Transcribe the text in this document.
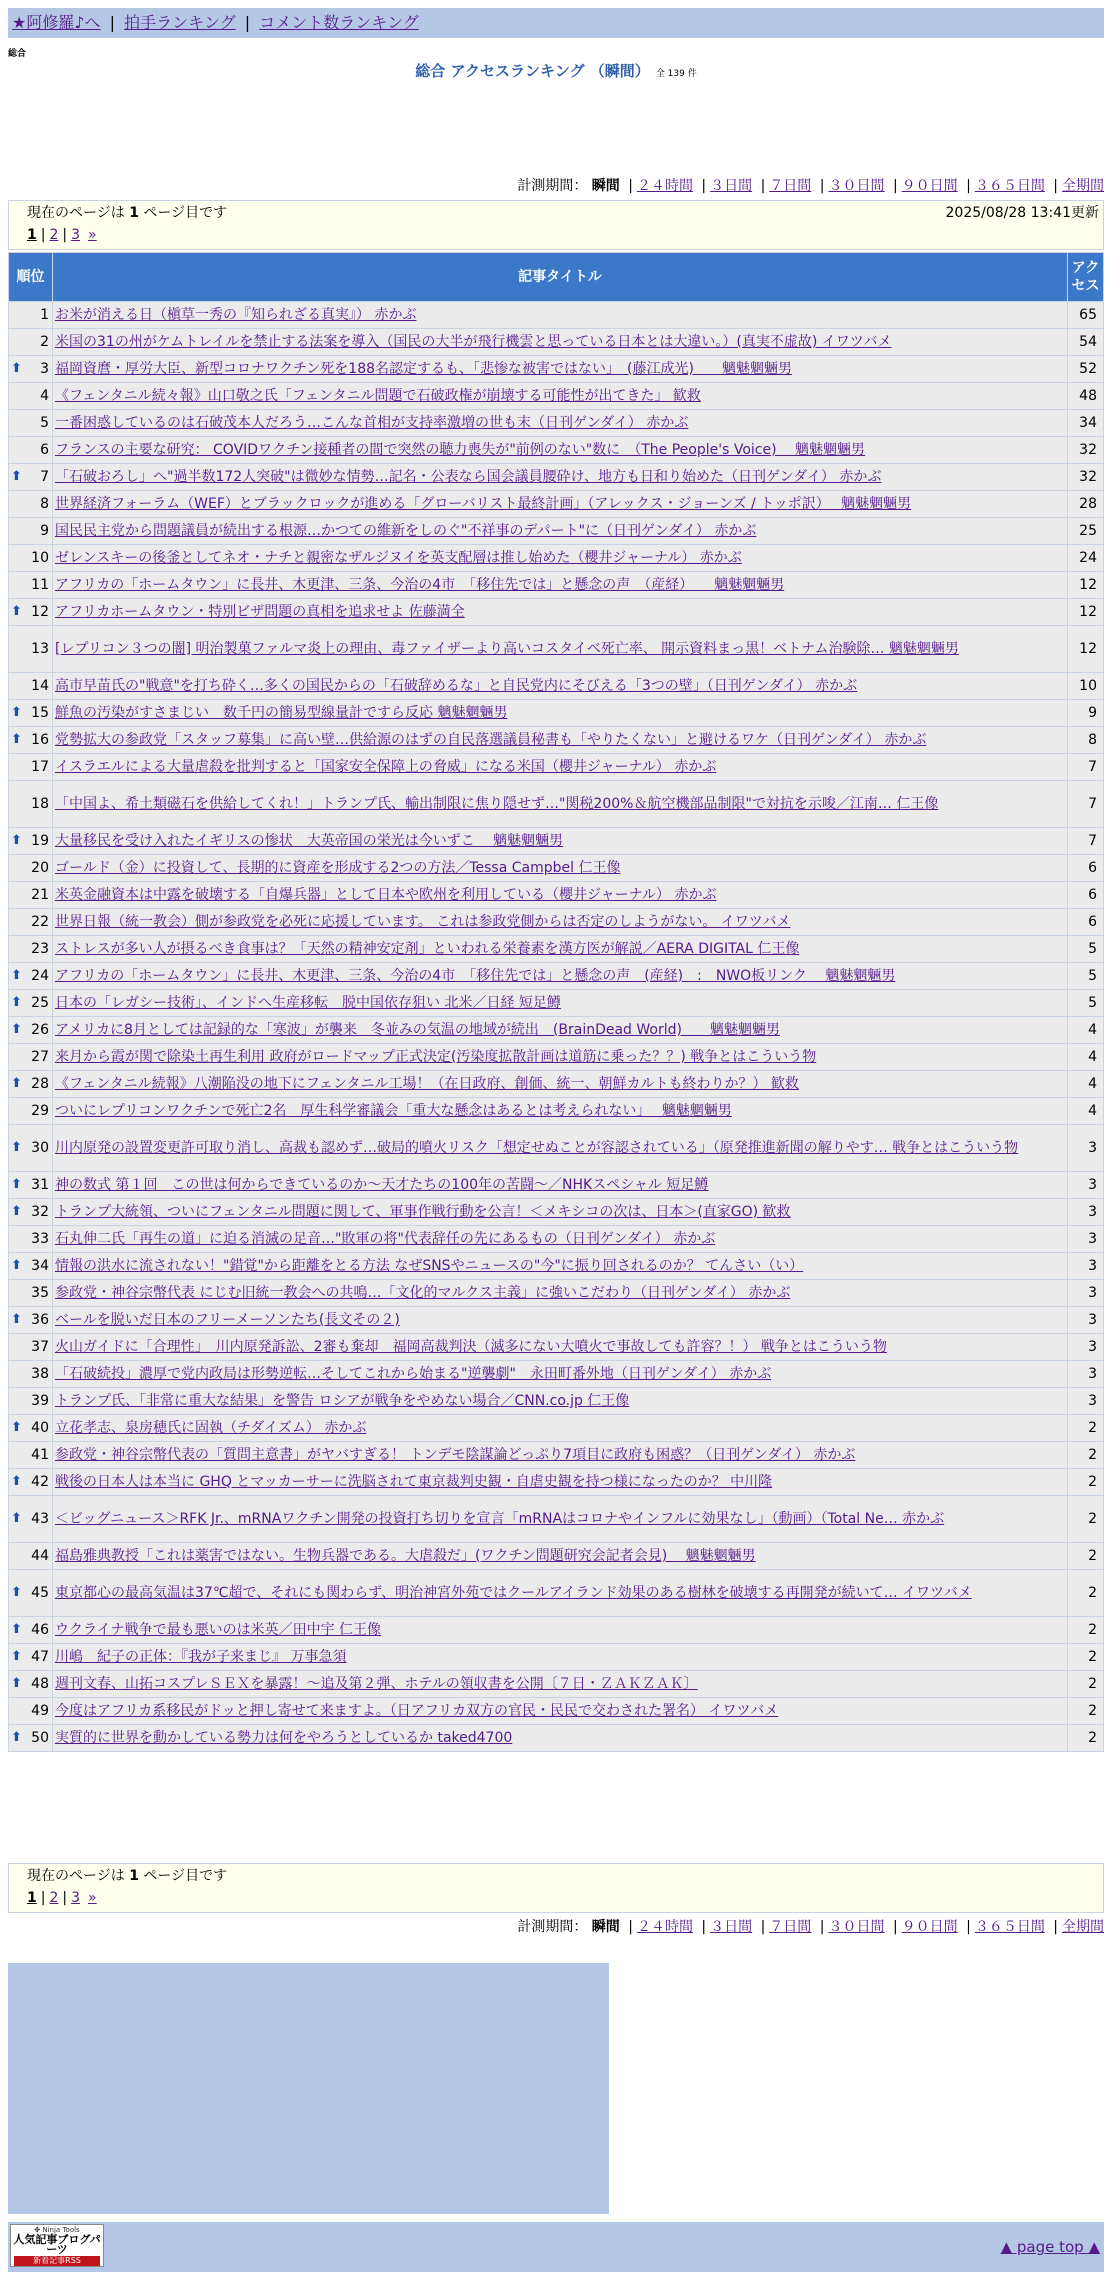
★阿修羅♪へ | 拍手ランキング | コメント数ランキング
総合
総合 アクセスランキング （瞬間） 全 139 件
計測期間： 瞬間 | ２４時間 | ３日間 | ７日間 | ３０日間 | ９０日間 | ３６５日間 | 全期間
現在のページは 1 ページ目です	2025/08/28 13:41更新
1 | 2 | 3 »
順位	記事タイトル	アクセス
1	お米が消える日（槇草一秀の『知られざる真実』） 赤かぶ	65
2	米国の31の州がケムトレイルを禁止する法案を導入（国民の大半が飛行機雲と思っている日本とは大違い。）(真実不虚故) イワツバメ	54

⬆ 3	福岡資麿・厚労大臣、新型コロナワクチン死を188名認定するも、「悲惨な被害ではない」　(藤江成光)　　魑魅魍魎男	52
4	《フェンタニル続々報》山口敬之氏「フェンタニル問題で石破政権が崩壊する可能性が出てきた」 歓救	48
5	一番困惑しているのは石破茂本人だろう…こんな首相が支持率激増の世も末（日刊ゲンダイ） 赤かぶ	34
6	フランスの主要な研究： COVIDワクチン接種者の間で突然の聴力喪失が"前例のない"数に　（The People's Voice)　 魑魅魍魎男	32

⬆ 7	「石破おろし」へ"過半数172人突破"は微妙な情勢…記名・公表なら国会議員腰砕け、地方も日和り始めた（日刊ゲンダイ） 赤かぶ	32
8	世界経済フォーラム（WEF）とブラックロックが進める「グローバリスト最終計画」（アレックス・ジョーンズ / トッポ訳）　 魑魅魍魎男	28
9	国民民主党から問題議員が続出する根源…かつての維新をしのぐ"不祥事のデパート"に（日刊ゲンダイ） 赤かぶ	25
10	ゼレンスキーの後釜としてネオ・ナチと親密なザルジヌイを英支配層は推し始めた（櫻井ジャーナル） 赤かぶ	24
11	アフリカの「ホームタウン」に長井、木更津、三条、今治の4市　「移住先では」と懸念の声　（産経）　　魑魅魍魎男	12

⬆ 12	アフリカホームタウン・特別ビザ問題の真相を追求せよ 佐藤満全	12
13	[レプリコン３つの闇] 明治製菓ファルマ炎上の理由、毒ファイザーより高いコスタイベ死亡率、 開示資料まっ黒！ベトナム治験除… 魑魅魍魎男	12
14	高市早苗氏の"戦意"を打ち砕く…多くの国民からの「石破辞めるな」と自民党内にそびえる「3つの壁」（日刊ゲンダイ） 赤かぶ	10

⬆ 15	鮮魚の汚染がすさまじい　数千円の簡易型線量計ですら反応 魑魅魍魎男	9

⬆ 16	党勢拡大の参政党「スタッフ募集」に高い壁…供給源のはずの自民落選議員秘書も「やりたくない」と避けるワケ（日刊ゲンダイ） 赤かぶ	8
17	イスラエルによる大量虐殺を批判すると「国家安全保障上の脅威」になる米国（櫻井ジャーナル） 赤かぶ	7
18	「中国よ、希土類磁石を供給してくれ！」トランプ氏、輸出制限に焦り隠せず…"関税200%＆航空機部品制限"で対抗を示唆／江南… 仁王像	7

⬆ 19	大量移民を受け入れたイギリスの惨状　大英帝国の栄光は今いずこ　 魑魅魍魎男	7
20	ゴールド（金）に投資して、長期的に資産を形成する2つの方法／Tessa Campbel 仁王像	6
21	米英金融資本は中露を破壊する「自爆兵器」として日本や欧州を利用している（櫻井ジャーナル） 赤かぶ	6
22	世界日報（統一教会）側が参政党を必死に応援しています。 これは参政党側からは否定のしようがない。 イワツバメ	6
23	ストレスが多い人が摂るべき食事は？「天然の精神安定剤」といわれる栄養素を漢方医が解説／AERA DIGITAL 仁王像	5

⬆ 24	アフリカの「ホームタウン」に長井、木更津、三条、今治の4市　「移住先では」と懸念の声　(産経)　:　NWO板リンク　 魑魅魍魎男	5

⬆ 25	日本の「レガシー技術」、インドへ生産移転　脱中国依存狙い 北米／日経 短足鱒	5

⬆ 26	アメリカに8月としては記録的な「寒波」が襲来　冬並みの気温の地域が続出　(BrainDead World)　　魑魅魍魎男	4
27	来月から霞が関で除染土再生利用 政府がロードマップ正式決定(汚染度拡散計画は道筋に乗った？？) 戦争とはこういう物	4

⬆ 28	《フェンタニル続報》八潮陥没の地下にフェンタニル工場！（在日政府、創価、統一、朝鮮カルトも終わりか？） 歓救	4
29	ついにレプリコンワクチンで死亡2名　厚生科学審議会「重大な懸念はあるとは考えられない」　 魑魅魍魎男	4

⬆ 30	川内原発の設置変更許可取り消し、高裁も認めず…破局的噴火リスク「想定せぬことが容認されている」（原発推進新聞の解りやす… 戦争とはこういう物	3

⬆ 31	神の数式 第１回　この世は何からできているのか～天才たちの100年の苦闘～／NHKスペシャル 短足鱒	3

⬆ 32	トランプ大統領、ついにフェンタニル問題に関して、軍事作戦行動を公言！＜メキシコの次は、日本＞(直家GO) 歓救	3
33	石丸伸二氏「再生の道」に迫る消滅の足音…"敗軍の将"代表辞任の先にあるもの（日刊ゲンダイ） 赤かぶ	3

⬆ 34	情報の洪水に流されない！"錯覚"から距離をとる方法 なぜSNSやニュースの"今"に振り回されるのか？ てんさい（い）	3
35	参政党・神谷宗幣代表 にじむ旧統一教会への共鳴…「文化的マルクス主義」に強いこだわり（日刊ゲンダイ） 赤かぶ	3

⬆ 36	ベールを脱いだ日本のフリーメーソンたち(長文その２)	3
37	火山ガイドに「合理性」　川内原発訴訟、2審も棄却　福岡高裁判決（滅多にない大噴火で事故しても許容？！） 戦争とはこういう物	3
38	「石破続投」濃厚で党内政局は形勢逆転…そしてこれから始まる"逆襲劇"　永田町番外地（日刊ゲンダイ） 赤かぶ	3
39	トランプ氏、「非常に重大な結果」を警告 ロシアが戦争をやめない場合／CNN.co.jp 仁王像	3

⬆ 40	立花孝志、泉房穂氏に固執（チダイズム） 赤かぶ	2
41	参政党・神谷宗幣代表の「質問主意書」がヤバすぎる！ トンデモ陰謀論どっぷり7項目に政府も困惑？（日刊ゲンダイ） 赤かぶ	2

⬆ 42	戦後の日本人は本当に GHQ とマッカーサーに洗脳されて東京裁判史観・自虐史観を持つ様になったのか？ 中川隆	2

⬆ 43	＜ビッグニュース＞RFK Jr.、mRNAワクチン開発の投資打ち切りを宣言「mRNAはコロナやインフルに効果なし」（動画）（Total Ne… 赤かぶ	2
44	福島雅典教授「これは薬害ではない。生物兵器である。大虐殺だ」(ワクチン問題研究会記者会見)　 魑魅魍魎男	2

⬆ 45	東京都心の最高気温は37℃超で、それにも関わらず、明治神宮外苑ではクールアイランド効果のある樹林を破壊する再開発が続いて… イワツバメ	2

⬆ 46	ウクライナ戦争で最も悪いのは米英／田中宇 仁王像	2

⬆ 47	川嶋　紀子の正体：『我が子来まじ』 万事急須	2

⬆ 48	週刊文春、山拓コスプレＳＥＸを暴露！～追及第２弾、ホテルの領収書を公開〔７日・ＺＡＫＺＡＫ〕	2
49	今度はアフリカ系移民がドッと押し寄せて来ますよ。（日アフリカ双方の官民・民民で交わされた署名） イワツバメ	2

⬆ 50	実質的に世界を動かしている勢力は何をやろうとしているか taked4700	2
現在のページは 1 ページ目です
1 | 2 | 3 »
計測期間： 瞬間 | ２４時間 | ３日間 | ７日間 | ３０日間 | ９０日間 | ３６５日間 | 全期間
✤ Ninja Tools
人気記事ブログパーツ
新着記事RSS
▲ page top ▲
